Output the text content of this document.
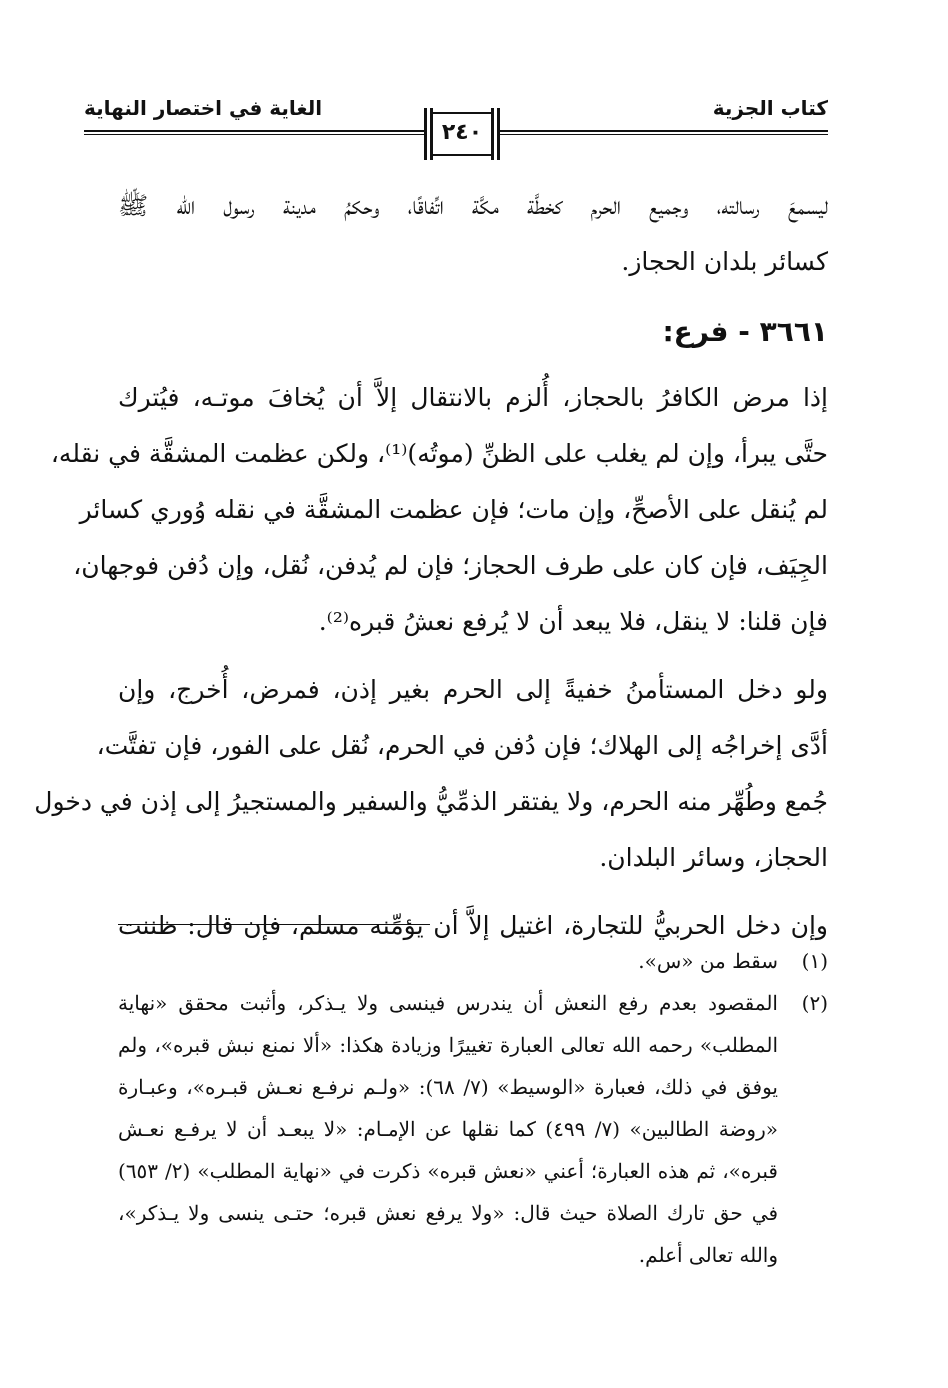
كتاب الجزية
الغاية في اختصار النهاية
٢٤٠

ليسمعَ رسالته، وجميع الحرم كخطَّة مكَّة اتِّفاقًا، وحكمُ مدينة رسول الله ﷺ

كسائر بلدان الحجاز.

٣٦٦١ - فرع:

إذا مرض الكافرُ بالحجاز، أُلزم بالانتقال إلاَّ أن يُخافَ موتـه، فيُترك

حتَّى يبرأ، وإن لم يغلب على الظنِّ (موتُه)⁽¹⁾، ولكن عظمت المشقَّة في نقله،

لم يُنقل على الأصحِّ، وإن مات؛ فإن عظمت المشقَّة في نقله وُوري كسائر

الجِيَف، فإن كان على طرف الحجاز؛ فإن لم يُدفن، نُقل، وإن دُفن فوجهان،

فإن قلنا: لا ينقل، فلا يبعد أن لا يُرفع نعشُ قبره⁽²⁾.

ولو دخل المستأمنُ خفيةً إلى الحرم بغير إذن، فمرض، أُخرج، وإن

أدَّى إخراجُه إلى الهلاك؛ فإن دُفن في الحرم، نُقل على الفور، فإن تفتَّت،

جُمع وطُهِّر منه الحرم، ولا يفتقر الذمِّيُّ والسفير والمستجيرُ إلى إذن في دخول

الحجاز، وسائر البلدان.

وإن دخل الحربيُّ للتجارة، اغتيل إلاَّ أن يؤمِّنه مسلم، فإن قال: ظننت

(١)
سقط من «س».
(٢)
المقصود بعدم رفع النعش أن يندرس فينسى ولا يـذكر، وأثبت محقق «نهاية
المطلب» رحمه الله تعالى العبارة تغييرًا وزيادة هكذا: «ألا نمنع نبش قبره»، ولم
يوفق في ذلك، فعبارة «الوسيط» (٧/ ٦٨): «ولـم نرفـع نعـش قبـره»، وعبـارة
«روضة الطالبين» (٧/ ٤٩٩) كما نقلها عن الإمـام: «لا يبعـد أن لا يرفـع نعـش
قبره»، ثم هذه العبارة؛ أعني «نعش قبره» ذكرت في «نهاية المطلب» (٢/ ٦٥٣)
في حق تارك الصلاة حيث قال: «ولا يرفع نعش قبره؛ حتـى ينسى ولا يـذكر»،
والله تعالى أعلم.
